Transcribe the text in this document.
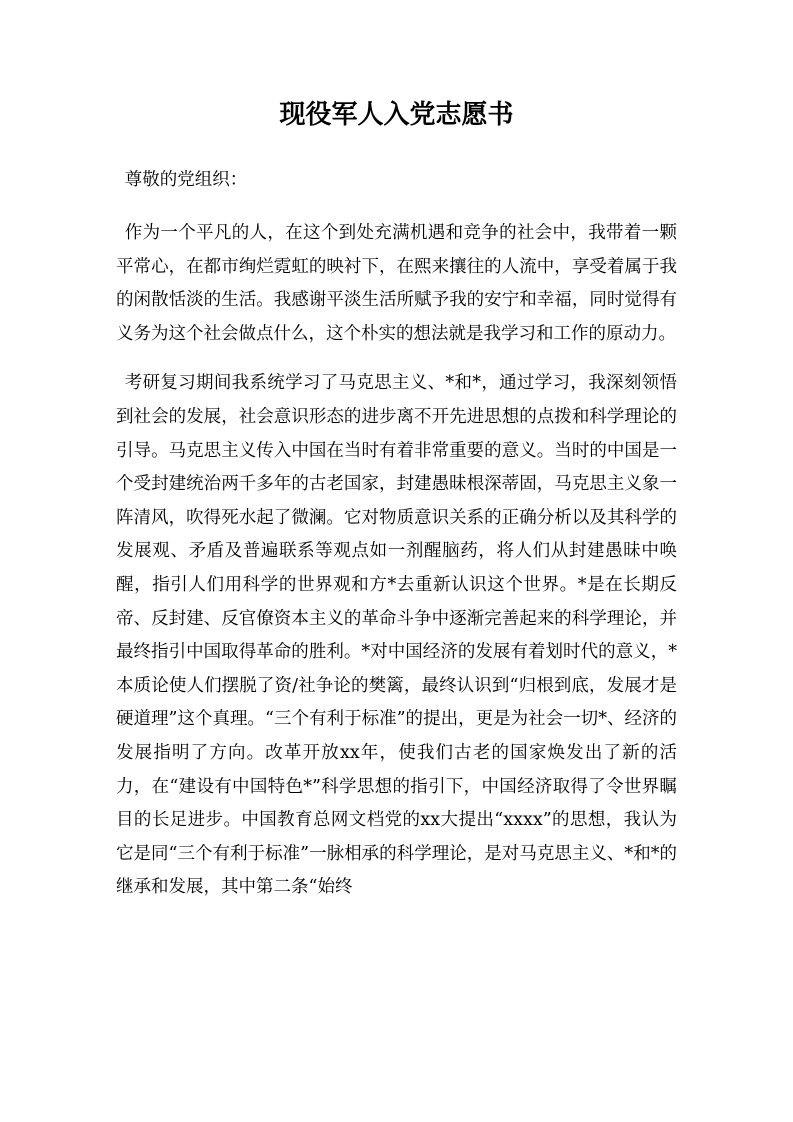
现役军人入党志愿书

尊敬的党组织：

作为一个平凡的人，在这个到处充满机遇和竞争的社会中，我带着一颗平常心，在都市绚烂霓虹的映衬下，在熙来攘往的人流中，享受着属于我的闲散恬淡的生活。我感谢平淡生活所赋予我的安宁和幸福，同时觉得有义务为这个社会做点什么，这个朴实的想法就是我学习和工作的原动力。

考研复习期间我系统学习了马克思主义、*和*，通过学习，我深刻领悟到社会的发展，社会意识形态的进步离不开先进思想的点拨和科学理论的引导。马克思主义传入中国在当时有着非常重要的意义。当时的中国是一个受封建统治两千多年的古老国家，封建愚昧根深蒂固，马克思主义象一阵清风，吹得死水起了微澜。它对物质意识关系的正确分析以及其科学的发展观、矛盾及普遍联系等观点如一剂醒脑药，将人们从封建愚昧中唤醒，指引人们用科学的世界观和方*去重新认识这个世界。*是在长期反帝、反封建、反官僚资本主义的革命斗争中逐渐完善起来的科学理论，并最终指引中国取得革命的胜利。*对中国经济的发展有着划时代的意义，*本质论使人们摆脱了资/社争论的樊篱，最终认识到“归根到底，发展才是硬道理”这个真理。“三个有利于标准”的提出，更是为社会一切*、经济的发展指明了方向。改革开放xx年，使我们古老的国家焕发出了新的活力，在“建设有中国特色*”科学思想的指引下，中国经济取得了令世界瞩目的长足进步。中国教育总网文档党的xx大提出“xxxx”的思想，我认为它是同“三个有利于标准”一脉相承的科学理论，是对马克思主义、*和*的继承和发展，其中第二条“始终
